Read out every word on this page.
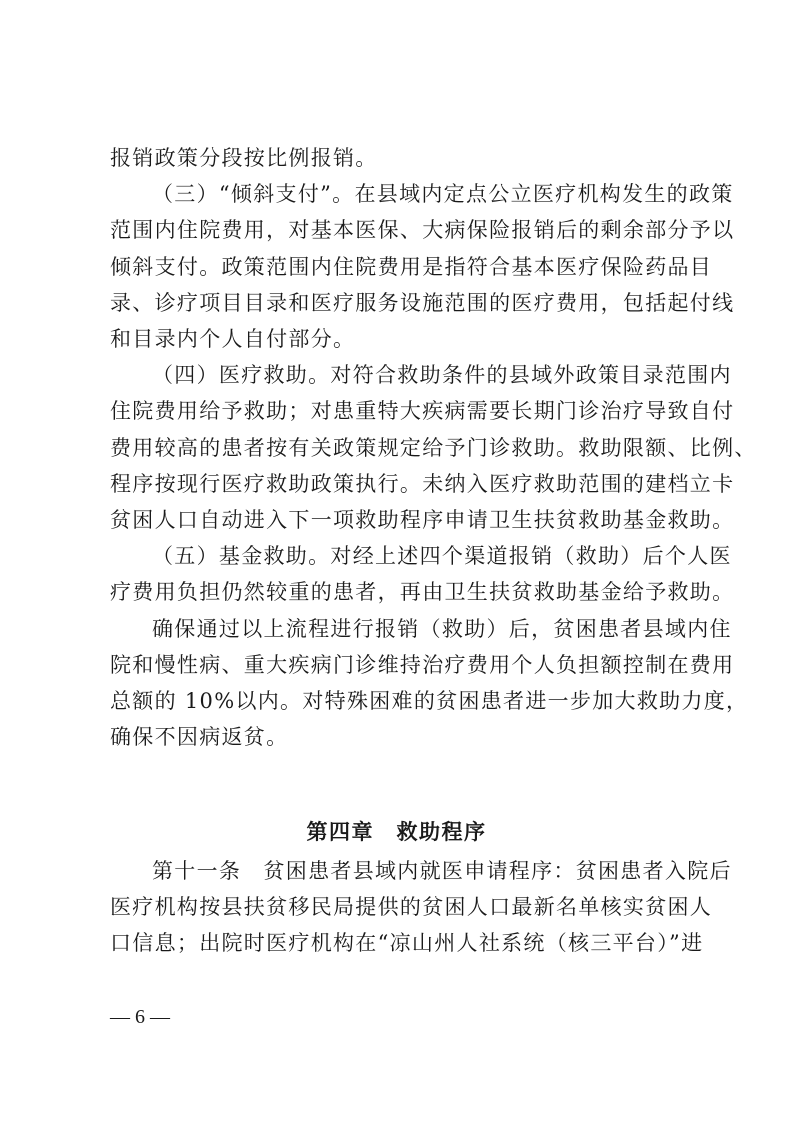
报销政策分段按比例报销。
（三）“倾斜支付”。在县域内定点公立医疗机构发生的政策
范围内住院费用，对基本医保、大病保险报销后的剩余部分予以
倾斜支付。政策范围内住院费用是指符合基本医疗保险药品目
录、诊疗项目目录和医疗服务设施范围的医疗费用，包括起付线
和目录内个人自付部分。
（四）医疗救助。对符合救助条件的县域外政策目录范围内
住院费用给予救助；对患重特大疾病需要长期门诊治疗导致自付
费用较高的患者按有关政策规定给予门诊救助。救助限额、比例、
程序按现行医疗救助政策执行。未纳入医疗救助范围的建档立卡
贫困人口自动进入下一项救助程序申请卫生扶贫救助基金救助。
（五）基金救助。对经上述四个渠道报销（救助）后个人医
疗费用负担仍然较重的患者，再由卫生扶贫救助基金给予救助。
确保通过以上流程进行报销（救助）后，贫困患者县域内住
院和慢性病、重大疾病门诊维持治疗费用个人负担额控制在费用
总额的 10%以内。对特殊困难的贫困患者进一步加大救助力度，
确保不因病返贫。
第四章　救助程序
第十一条　贫困患者县域内就医申请程序：贫困患者入院后
医疗机构按县扶贫移民局提供的贫困人口最新名单核实贫困人
口信息；出院时医疗机构在“凉山州人社系统（核三平台）”进
— 6 —
